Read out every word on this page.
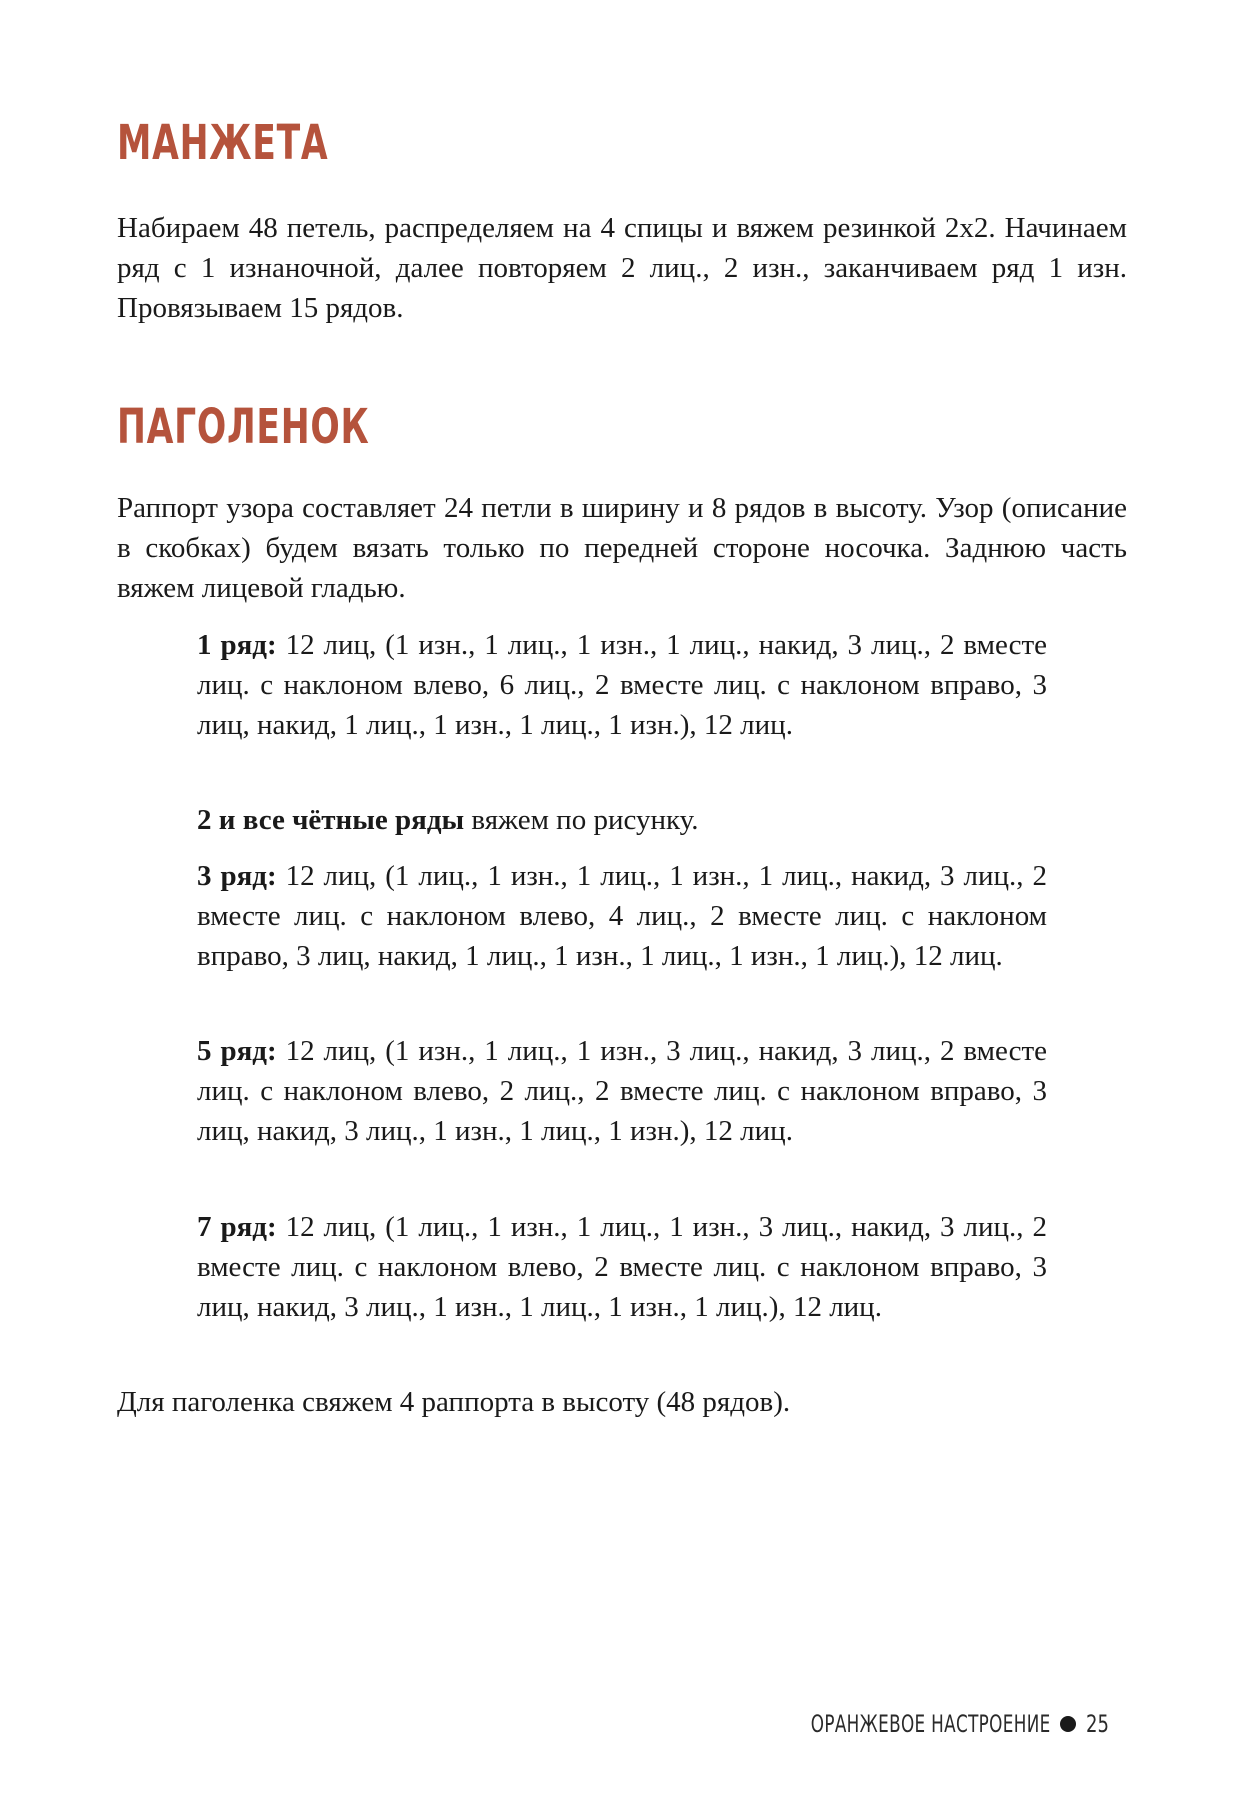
МАНЖЕТА

Набираем 48 петель, распределяем на 4 спицы и вяжем резинкой 2х2. Начинаем ряд с 1 изнаночной, далее повторяем 2 лиц., 2 изн., заканчиваем ряд 1 изн. Провязываем 15 рядов.

ПАГОЛЕНОК

Раппорт узора составляет 24 петли в ширину и 8 рядов в высоту. Узор (описание в скобках) будем вязать только по передней стороне носочка. Заднюю часть вяжем лицевой гладью.

1 ряд: 12 лиц, (1 изн., 1 лиц., 1 изн., 1 лиц., накид, 3 лиц., 2 вместе лиц. с наклоном влево, 6 лиц., 2 вместе лиц. с наклоном вправо, 3 лиц, накид, 1 лиц., 1 изн., 1 лиц., 1 изн.), 12 лиц.

2 и все чётные ряды вяжем по рисунку.

3 ряд: 12 лиц, (1 лиц., 1 изн., 1 лиц., 1 изн., 1 лиц., накид, 3 лиц., 2 вместе лиц. с наклоном влево, 4 лиц., 2 вместе лиц. с наклоном вправо, 3 лиц, накид, 1 лиц., 1 изн., 1 лиц., 1 изн., 1 лиц.), 12 лиц.

5 ряд: 12 лиц, (1 изн., 1 лиц., 1 изн., 3 лиц., накид, 3 лиц., 2 вместе лиц. с наклоном влево, 2 лиц., 2 вместе лиц. с наклоном вправо, 3 лиц, накид, 3 лиц., 1 изн., 1 лиц., 1 изн.), 12 лиц.

7 ряд: 12 лиц, (1 лиц., 1 изн., 1 лиц., 1 изн., 3 лиц., накид, 3 лиц., 2 вместе лиц. с наклоном влево, 2 вместе лиц. с наклоном вправо, 3 лиц, накид, 3 лиц., 1 изн., 1 лиц., 1 изн., 1 лиц.), 12 лиц.

Для паголенка свяжем 4 раппорта в высоту (48 рядов).

ОРАНЖЕВОЕ НАСТРОЕНИЕ 25
